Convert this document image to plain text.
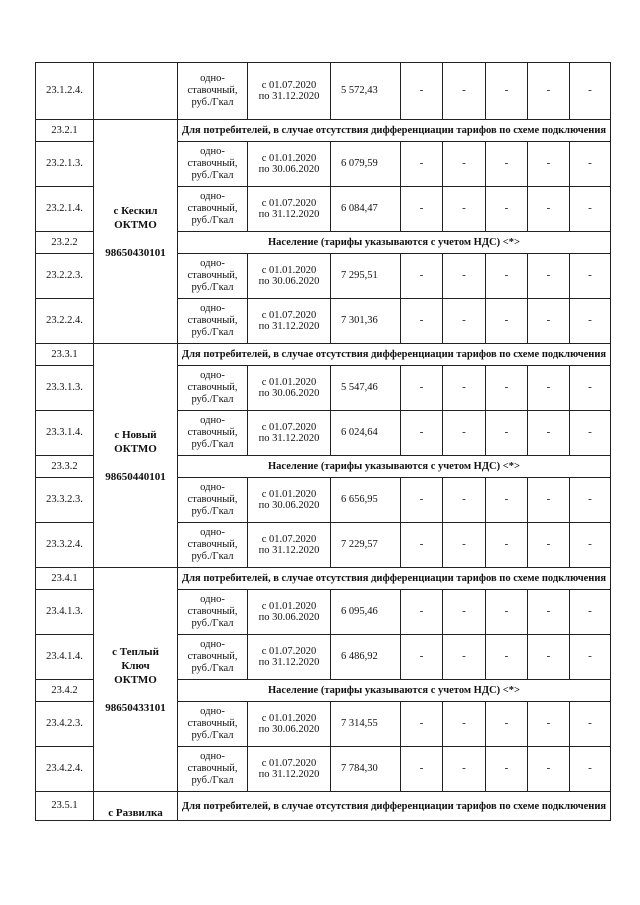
23.1.2.4.		одно-
ставочный,
руб./Гкал	с 01.07.2020
по 31.12.2020	5 572,43	-	-	-	-	-
23.2.1	с Кескил
ОКТМО
98650430101	Для потребителей, в случае отсутствия дифференциации тарифов по схеме подключения							
23.2.1.3.		одно-
ставочный,
руб./Гкал	с 01.01.2020
по 30.06.2020	6 079,59	-	-	-	-	-
23.2.1.4.		одно-
ставочный,
руб./Гкал	с 01.07.2020
по 31.12.2020	6 084,47	-	-	-	-	-
23.2.2		Население (тарифы указываются с учетом НДС) <*>							
23.2.2.3.		одно-
ставочный,
руб./Гкал	с 01.01.2020
по 30.06.2020	7 295,51	-	-	-	-	-
23.2.2.4.		одно-
ставочный,
руб./Гкал	с 01.07.2020
по 31.12.2020	7 301,36	-	-	-	-	-
23.3.1	с Новый
ОКТМО
98650440101	Для потребителей, в случае отсутствия дифференциации тарифов по схеме подключения							
23.3.1.3.		одно-
ставочный,
руб./Гкал	с 01.01.2020
по 30.06.2020	5 547,46	-	-	-	-	-
23.3.1.4.		одно-
ставочный,
руб./Гкал	с 01.07.2020
по 31.12.2020	6 024,64	-	-	-	-	-
23.3.2		Население (тарифы указываются с учетом НДС) <*>							
23.3.2.3.		одно-
ставочный,
руб./Гкал	с 01.01.2020
по 30.06.2020	6 656,95	-	-	-	-	-
23.3.2.4.		одно-
ставочный,
руб./Гкал	с 01.07.2020
по 31.12.2020	7 229,57	-	-	-	-	-
23.4.1	с Теплый
Ключ
ОКТМО
98650433101	Для потребителей, в случае отсутствия дифференциации тарифов по схеме подключения							
23.4.1.3.		одно-
ставочный,
руб./Гкал	с 01.01.2020
по 30.06.2020	6 095,46	-	-	-	-	-
23.4.1.4.		одно-
ставочный,
руб./Гкал	с 01.07.2020
по 31.12.2020	6 486,92	-	-	-	-	-
23.4.2		Население (тарифы указываются с учетом НДС) <*>							
23.4.2.3.		одно-
ставочный,
руб./Гкал	с 01.01.2020
по 30.06.2020	7 314,55	-	-	-	-	-
23.4.2.4.		одно-
ставочный,
руб./Гкал	с 01.07.2020
по 31.12.2020	7 784,30	-	-	-	-	-
23.5.1	с Развилка	Для потребителей, в случае отсутствия дифференциации тарифов по схеме подключения							
